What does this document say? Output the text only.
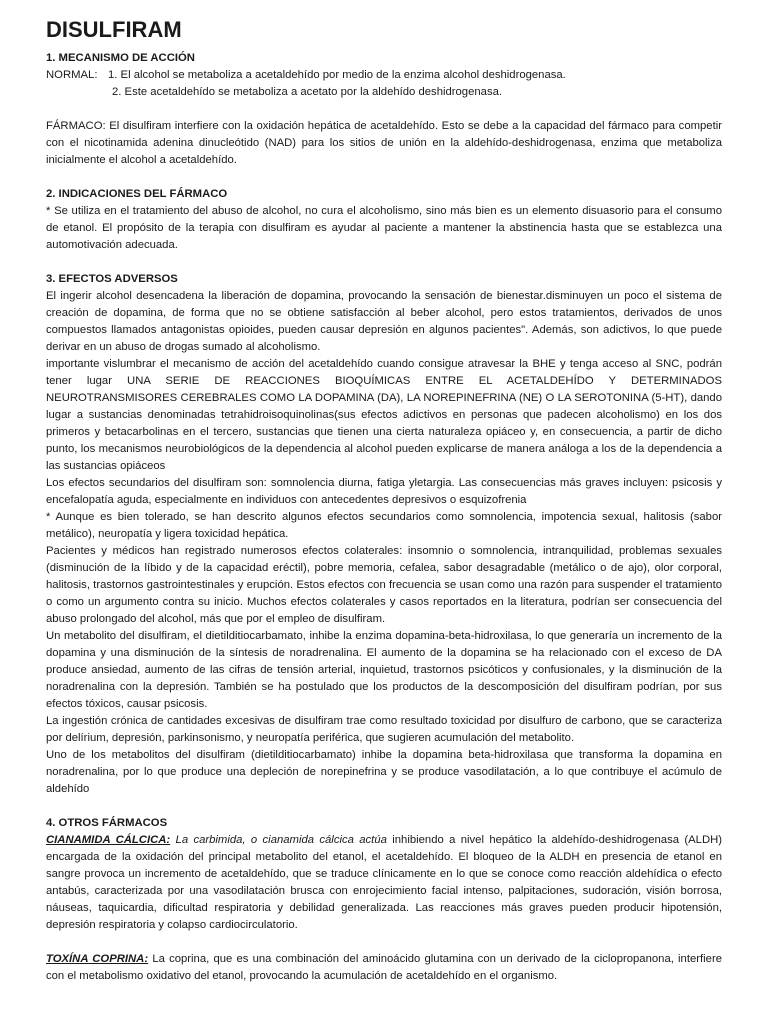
DISULFIRAM
1. MECANISMO DE ACCIÓN
NORMAL: 1. El alcohol se metaboliza a acetaldehído por medio de la enzima alcohol deshidrogenasa.
2. Este acetaldehído se metaboliza a acetato por la aldehído deshidrogenasa.

FÁRMACO: El disulfiram interfiere con la oxidación hepática de acetaldehído. Esto se debe a la capacidad del fármaco para competir con el nicotinamida adenina dinucleótido (NAD) para los sitios de unión en la aldehído-deshidrogenasa, enzima que metaboliza inicialmente el alcohol a acetaldehído.

2. INDICACIONES DEL FÁRMACO

* Se utiliza en el tratamiento del abuso de alcohol, no cura el alcoholismo, sino más bien es un elemento disuasorio para el consumo de etanol. El propósito de la terapia con disulfiram es ayudar al paciente a mantener la abstinencia hasta que se establezca una automotivación adecuada.

3. EFECTOS ADVERSOS

El ingerir alcohol desencadena la liberación de dopamina, provocando la sensación de bienestar.disminuyen un poco el sistema de creación de dopamina, de forma que no se obtiene satisfacción al beber alcohol, pero estos tratamientos, derivados de unos compuestos llamados antagonistas opioides, pueden causar depresión en algunos pacientes". Además, son adictivos, lo que puede derivar en un abuso de drogas sumado al alcoholismo.

importante vislumbrar el mecanismo de acción del acetaldehído cuando consigue atravesar la BHE y tenga acceso al SNC, podrán tener lugar UNA SERIE DE REACCIONES BIOQUÍMICAS ENTRE EL ACETALDEHÍDO Y DETERMINADOS NEUROTRANSMISORES CEREBRALES COMO LA DOPAMINA (DA), LA NOREPINEFRINA (NE) O LA SEROTONINA (5-HT), dando lugar a sustancias denominadas tetrahidroisoquinolinas(sus efectos adictivos en personas que padecen alcoholismo) en los dos primeros y betacarbolinas en el tercero, sustancias que tienen una cierta naturaleza opiáceo y, en consecuencia, a partir de dicho punto, los mecanismos neurobiológicos de la dependencia al alcohol pueden explicarse de manera análoga a los de la dependencia a las sustancias opiáceos

Los efectos secundarios del disulfiram son: somnolencia diurna, fatiga yletargia. Las consecuencias más graves incluyen: psicosis y encefalopatía aguda, especialmente en individuos con antecedentes depresivos o esquizofrenia

* Aunque es bien tolerado, se han descrito algunos efectos secundarios como somnolencia, impotencia sexual, halitosis (sabor metálico), neuropatía y ligera toxicidad hepática.

Pacientes y médicos han registrado numerosos efectos colaterales: insomnio o somnolencia, intranquilidad, problemas sexuales (disminución de la líbido y de la capacidad eréctil), pobre memoria, cefalea, sabor desagradable (metálico o de ajo), olor corporal, halitosis, trastornos gastrointestinales y erupción. Estos efectos con frecuencia se usan como una razón para suspender el tratamiento o como un argumento contra su inicio. Muchos efectos colaterales y casos reportados en la literatura, podrían ser consecuencia del abuso prolongado del alcohol, más que por el empleo de disulfiram.

Un metabolito del disulfiram, el dietilditiocarbamato, inhibe la enzima dopamina-beta-hidroxilasa, lo que generaría un incremento de la dopamina y una disminución de la síntesis de noradrenalina. El aumento de la dopamina se ha relacionado con el exceso de DA produce ansiedad, aumento de las cifras de tensión arterial, inquietud, trastornos psicóticos y confusionales, y la disminución de la noradrenalina con la depresión. También se ha postulado que los productos de la descomposición del disulfiram podrían, por sus efectos tóxicos, causar psicosis.

La ingestión crónica de cantidades excesivas de disulfiram trae como resultado toxicidad por disulfuro de carbono, que se caracteriza por delírium, depresión, parkinsonismo, y neuropatía periférica, que sugieren acumulación del metabolito.

Uno de los metabolitos del disulfiram (dietilditiocarbamato) inhibe la dopamina beta-hidroxilasa que transforma la dopamina en noradrenalina, por lo que produce una depleción de norepinefrina y se produce vasodilatación, a lo que contribuye el acúmulo de aldehído

4. OTROS FÁRMACOS

CIANAMIDA CÁLCICA: La carbimida, o cianamida cálcica actúa inhibiendo a nivel hepático la aldehído-deshidrogenasa (ALDH) encargada de la oxidación del principal metabolito del etanol, el acetaldehído. El bloqueo de la ALDH en presencia de etanol en sangre provoca un incremento de acetaldehído, que se traduce clínicamente en lo que se conoce como reacción aldehídica o efecto antabús, caracterizada por una vasodilatación brusca con enrojecimiento facial intenso, palpitaciones, sudoración, visión borrosa, náuseas, taquicardia, dificultad respiratoria y debilidad generalizada. Las reacciones más graves pueden producir hipotensión, depresión respiratoria y colapso cardiocirculatorio.

TOXÍNA COPRINA: La coprina, que es una combinación del aminoácido glutamina con un derivado de la ciclopropanona, interfiere con el metabolismo oxidativo del etanol, provocando la acumulación de acetaldehído en el organismo.
